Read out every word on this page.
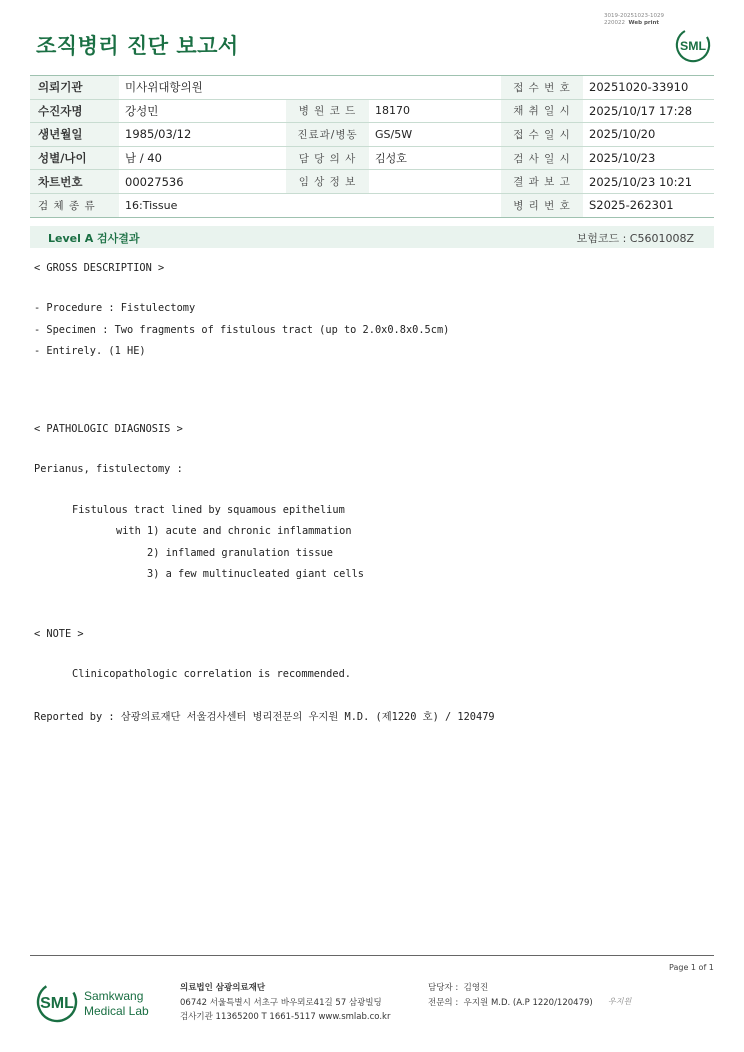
조직병리 진단 보고서
3019-20251023-1029
220022 Web print
SML
의뢰기관	미사위대항의원			접 수 번 호	20251020-33910
수진자명	강성민	병 원 코 드	18170	채 취 일 시	2025/10/17 17:28
생년월일	1985/03/12	진료과/병동	GS/5W	접 수 일 시	2025/10/20
성별/나이	남 / 40	담 당 의 사	김성호	검 사 일 시	2025/10/23
차트번호	00027536	임 상 정 보		결 과 보 고	2025/10/23 10:21
검 체 종 류	16:Tissue			병 리 번 호	S2025-262301
Level A 검사결과	보험코드 : C5601008Z
< GROSS DESCRIPTION >
- Procedure : Fistulectomy
- Specimen : Two fragments of fistulous tract (up to 2.0x0.8x0.5cm)
- Entirely. (1 HE)
< PATHOLOGIC DIAGNOSIS >
Perianus, fistulectomy :
Fistulous tract lined by squamous epithelium
with 1) acute and chronic inflammation
2) inflamed granulation tissue
3) a few multinucleated giant cells
< NOTE >
Clinicopathologic correlation is recommended.
Reported by : 삼광의료재단 서울검사센터 병리전문의 우지원 M.D. (제1220 호) / 120479
Page 1 of 1
SML Samkwang
Medical Lab
의료법인 삼광의료재단
06742 서울특별시 서초구 바우뫼로41길 57 삼광빌딩
검사기관 11365200 T 1661-5117 www.smlab.co.kr
담당자 : 김영진
전문의 : 우지원 M.D. (A.P 1220/120479) 우지원
